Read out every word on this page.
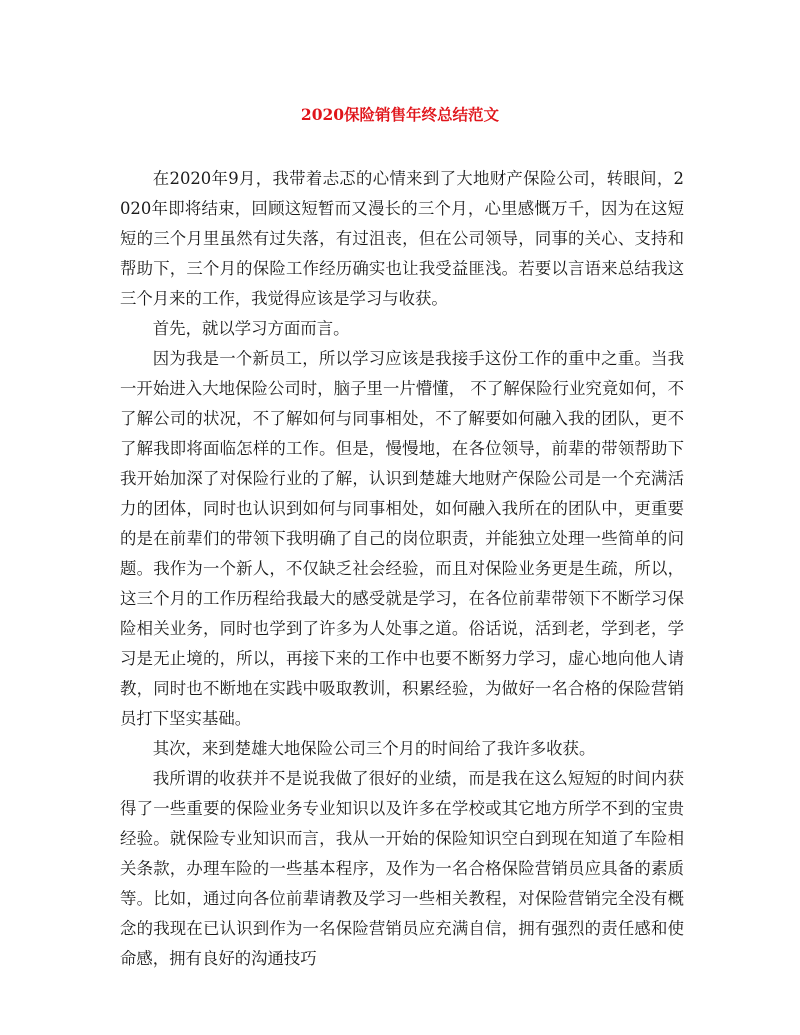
2020保险销售年终总结范文

在2020年9月，我带着忐忑的心情来到了大地财产保险公司，转眼间，2020年即将结束，回顾这短暂而又漫长的三个月，心里感慨万千，因为在这短短的三个月里虽然有过失落，有过沮丧，但在公司领导，同事的关心、支持和帮助下，三个月的保险工作经历确实也让我受益匪浅。若要以言语来总结我这三个月来的工作，我觉得应该是学习与收获。

首先，就以学习方面而言。

因为我是一个新员工，所以学习应该是我接手这份工作的重中之重。当我一开始进入大地保险公司时，脑子里一片懵懂， 不了解保险行业究竟如何，不了解公司的状况，不了解如何与同事相处，不了解要如何融入我的团队，更不了解我即将面临怎样的工作。但是，慢慢地，在各位领导，前辈的带领帮助下我开始加深了对保险行业的了解，认识到楚雄大地财产保险公司是一个充满活力的团体，同时也认识到如何与同事相处，如何融入我所在的团队中，更重要的是在前辈们的带领下我明确了自己的岗位职责，并能独立处理一些简单的问题。我作为一个新人，不仅缺乏社会经验，而且对保险业务更是生疏，所以，这三个月的工作历程给我最大的感受就是学习，在各位前辈带领下不断学习保险相关业务，同时也学到了许多为人处事之道。俗话说，活到老，学到老，学习是无止境的，所以，再接下来的工作中也要不断努力学习，虚心地向他人请教，同时也不断地在实践中吸取教训，积累经验，为做好一名合格的保险营销员打下坚实基础。

其次，来到楚雄大地保险公司三个月的时间给了我许多收获。

我所谓的收获并不是说我做了很好的业绩，而是我在这么短短的时间内获得了一些重要的保险业务专业知识以及许多在学校或其它地方所学不到的宝贵经验。就保险专业知识而言，我从一开始的保险知识空白到现在知道了车险相关条款，办理车险的一些基本程序，及作为一名合格保险营销员应具备的素质等。比如，通过向各位前辈请教及学习一些相关教程，对保险营销完全没有概念的我现在已认识到作为一名保险营销员应充满自信，拥有强烈的责任感和使命感，拥有良好的沟通技巧
